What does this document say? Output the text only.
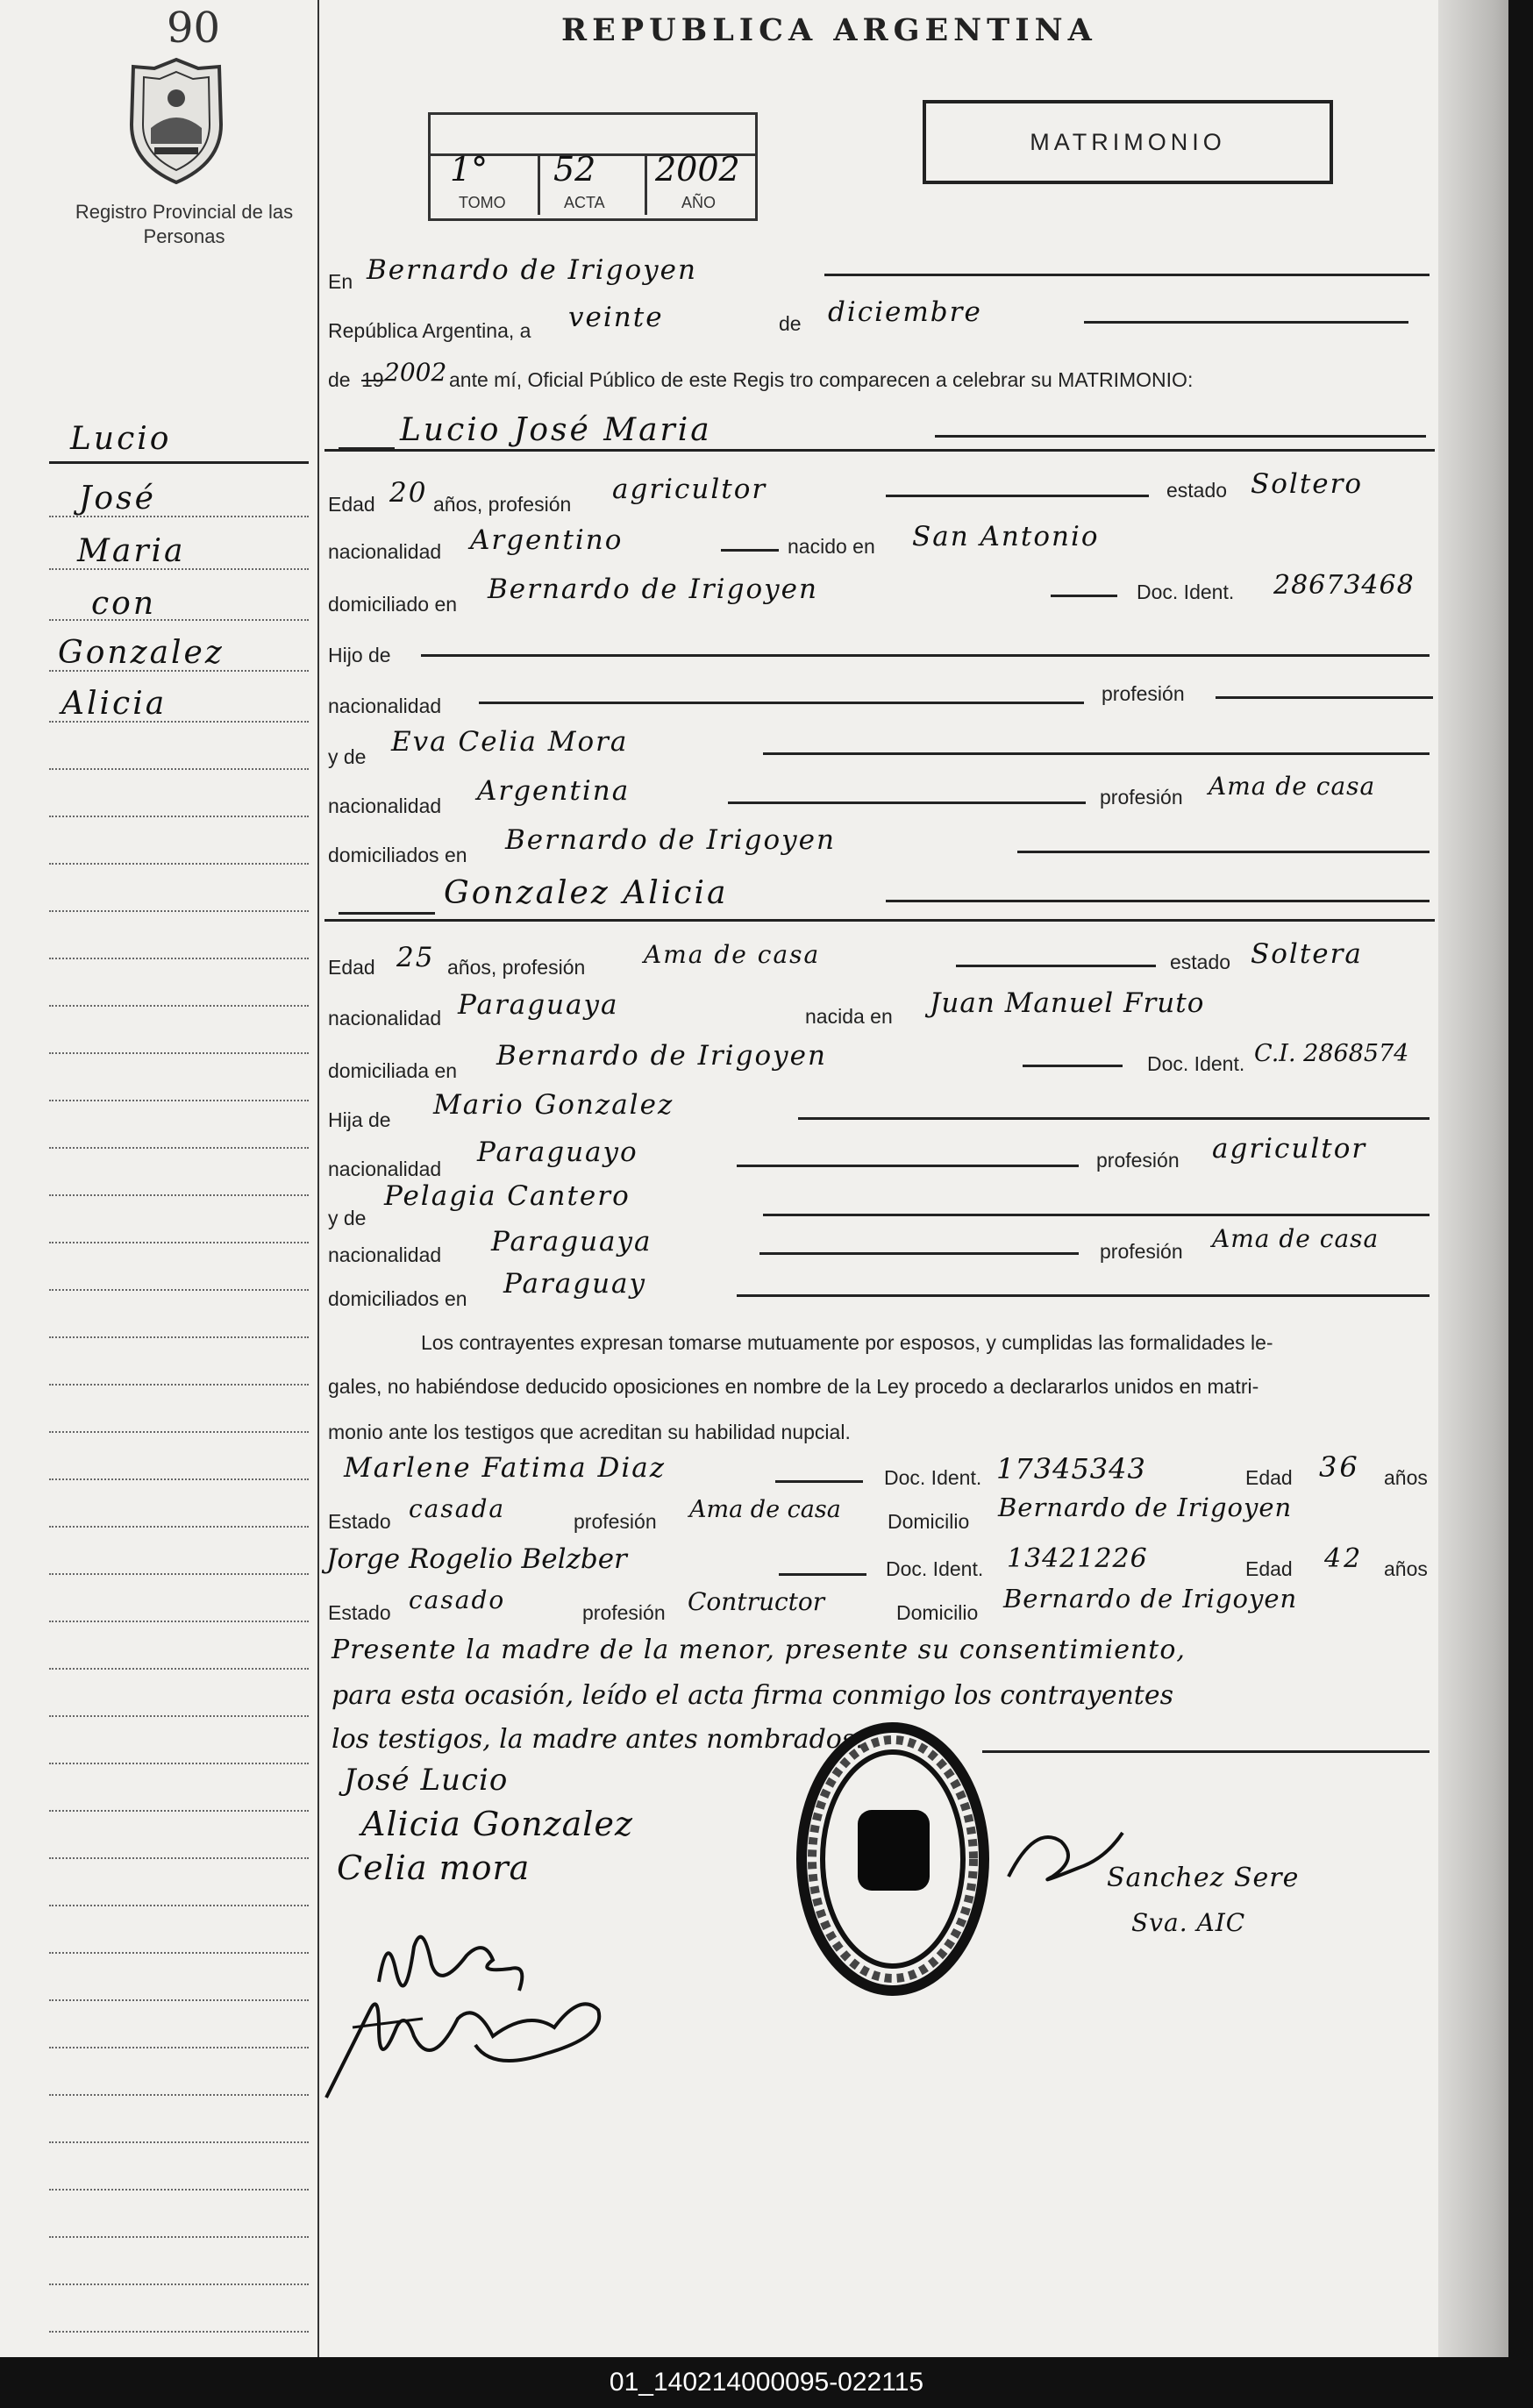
90
Registro Provincial de las Personas
REPUBLICA ARGENTINA
1° 52 2002
TOMO	ACTA	AÑO
MATRIMONIO
Lucio
José
Maria
con
Gonzalez
Alicia
En Bernardo de Irigoyen
República Argentina, a veinte	de diciembre
de 19 2002 ante mí, Oficial Público de este Regis tro comparecen a celebrar su MATRIMONIO:
Lucio José Maria
Edad 20 años, profesión agricultor	estado Soltero
nacionalidad Argentino	nacido en San Antonio
domiciliado en Bernardo de Irigoyen	Doc. Ident. 28673468
Hijo de
nacionalidad
profesión
y de Eva Celia Mora
nacionalidad Argentina	profesión Ama de casa
domiciliados en Bernardo de Irigoyen
Gonzalez Alicia
Edad 25 años, profesión Ama de casa	estado Soltera
nacionalidad Paraguaya	nacida en Juan Manuel Fruto
domiciliada en Bernardo de Irigoyen	Doc. Ident. C.I. 2868574
Hija de Mario Gonzalez
nacionalidad
Paraguayo	profesión agricultor
y de
Pelagia Cantero
nacionalidad Paraguaya	profesión Ama de casa
domiciliados en Paraguay
Los contrayentes expresan tomarse mutuamente por esposos, y cumplidas las formalidades le-
gales, no habiéndose deducido oposiciones en nombre de la Ley procedo a declararlos unidos en matri-
monio ante los testigos que acreditan su habilidad nupcial.
Marlene Fatima Diaz	Doc. Ident. 17345343	Edad 36 años
Estado casada	profesión Ama de casa Domicilio Bernardo de Irigoyen
Jorge Rogelio Belzber	Doc. Ident. 13421226	Edad 42 años
Estado casado	profesión Contructor	Domicilio Bernardo de Irigoyen
Presente la madre de la menor, presente su consentimiento,
para esta ocasión, leído el acta firma conmigo los contrayentes
los testigos, la madre antes nombrados.
José Lucio
Alicia Gonzalez
Celia mora	Sanchez Sere
Sva. AIC
01_140214000095-022115
